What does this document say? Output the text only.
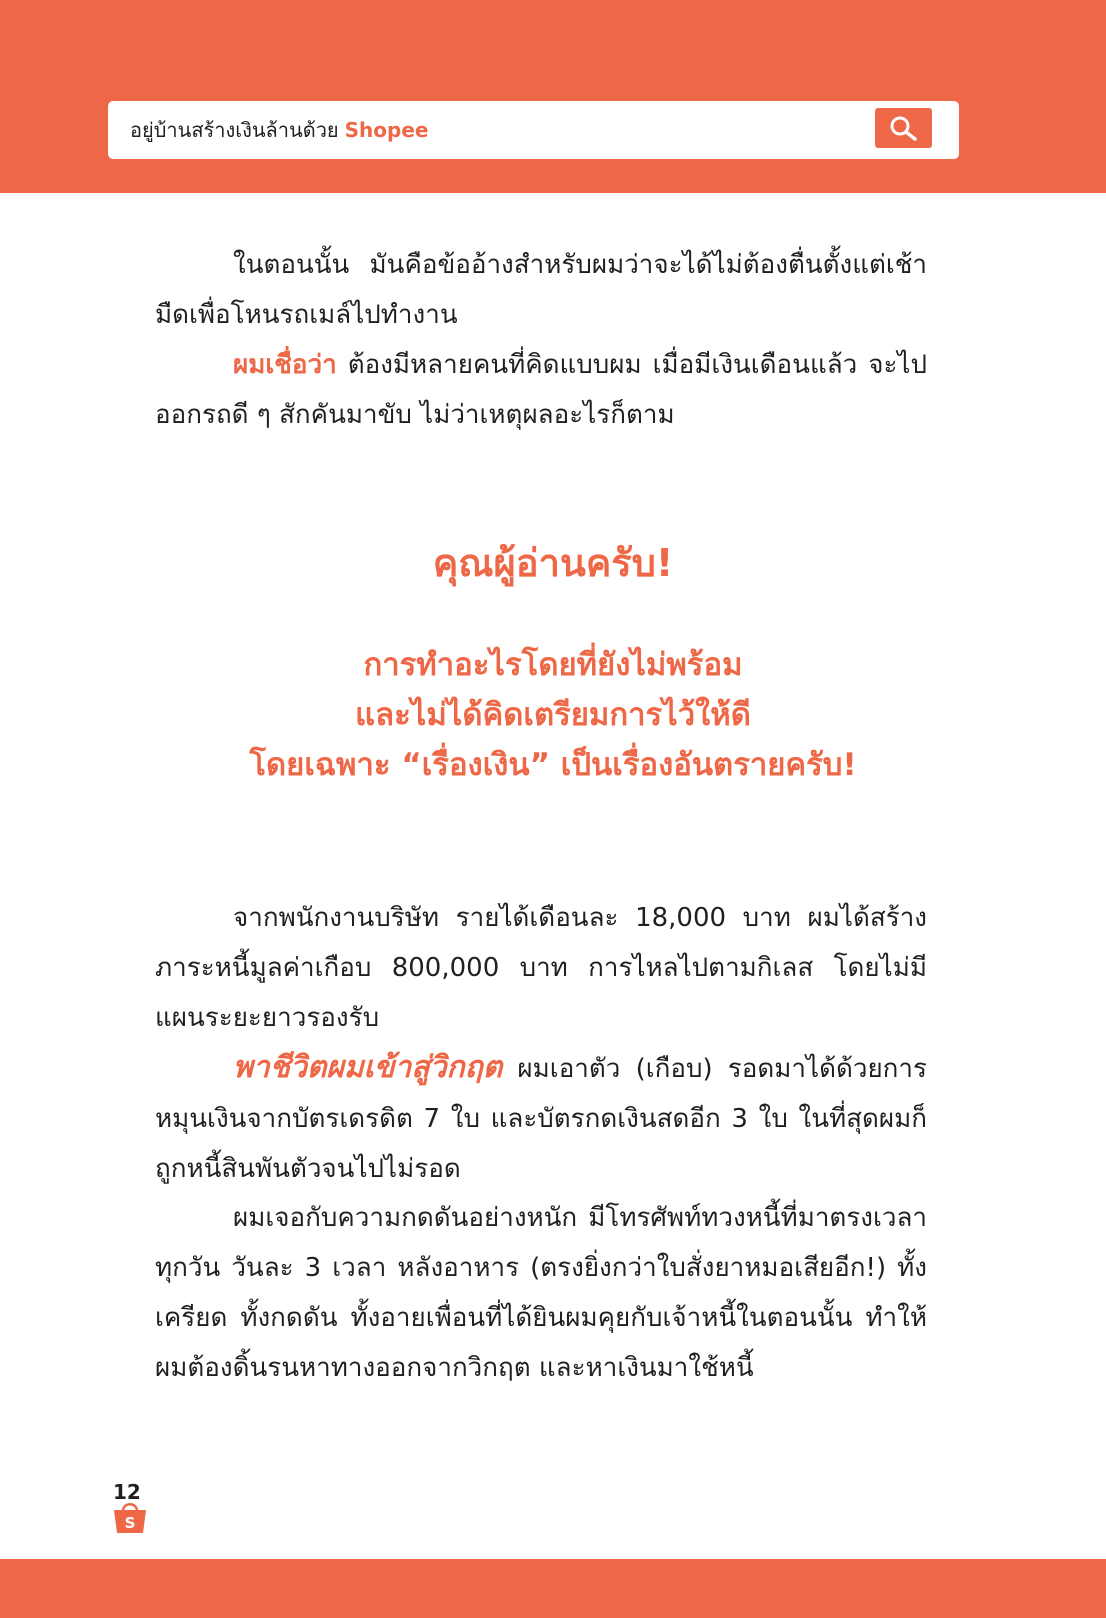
อยู่บ้านสร้างเงินล้านด้วย Shopee

ในตอนนั้น มันคือข้ออ้างสำหรับผมว่าจะได้ไม่ต้องตื่นตั้งแต่เช้ามืดเพื่อโหนรถเมล์ไปทำงาน

ผมเชื่อว่า ต้องมีหลายคนที่คิดแบบผม เมื่อมีเงินเดือนแล้ว จะไปออกรถดี ๆ สักคันมาขับ ไม่ว่าเหตุผลอะไรก็ตาม

คุณผู้อ่านครับ!

การทำอะไรโดยที่ยังไม่พร้อม

และไม่ได้คิดเตรียมการไว้ให้ดี

โดยเฉพาะ “เรื่องเงิน” เป็นเรื่องอันตรายครับ!

จากพนักงานบริษัท รายได้เดือนละ 18,000 บาท ผมได้สร้างภาระหนี้มูลค่าเกือบ 800,000 บาท การไหลไปตามกิเลส โดยไม่มีแผนระยะยาวรองรับ

พาชีวิตผมเข้าสู่วิกฤต ผมเอาตัว (เกือบ) รอดมาได้ด้วยการหมุนเงินจากบัตรเดรดิต 7 ใบ และบัตรกดเงินสดอีก 3 ใบ ในที่สุดผมก็ถูกหนี้สินพันตัวจนไปไม่รอด

ผมเจอกับความกดดันอย่างหนัก มีโทรศัพท์ทวงหนี้ที่มาตรงเวลาทุกวัน วันละ 3 เวลา หลังอาหาร (ตรงยิ่งกว่าใบสั่งยาหมอเสียอีก!) ทั้งเครียด ทั้งกดดัน ทั้งอายเพื่อนที่ได้ยินผมคุยกับเจ้าหนี้ในตอนนั้น ทำให้ผมต้องดิ้นรนหาทางออกจากวิกฤต และหาเงินมาใช้หนี้

12
S
